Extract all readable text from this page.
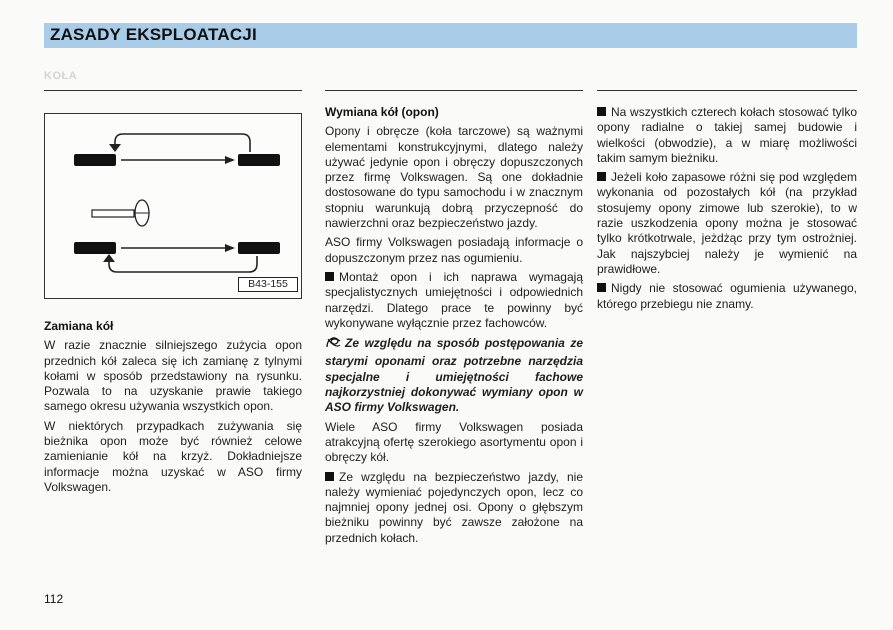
ZASADY EKSPLOATACJI
KOŁA
B43-155
Zamiana kół

W razie znacznie silniejszego zużycia opon przednich kół zaleca się ich zamianę z tylnymi kołami w sposób przedstawiony na rysunku. Pozwala to na uzyskanie prawie takiego samego okresu używania wszystkich opon.

W niektórych przypadkach zużywania się bieżnika opon może być również celowe zamienianie kół na krzyż. Dokładniejsze informacje można uzyskać w ASO firmy Volkswagen.

Wymiana kół (opon)

Opony i obręcze (koła tarczowe) są ważnymi elementami konstrukcyjnymi, dlatego należy używać jedynie opon i obręczy dopuszczonych przez firmę Volkswagen. Są one dokładnie dostosowane do typu samochodu i w znacznym stopniu warunkują dobrą przyczepność do nawierzchni oraz bezpieczeństwo jazdy.

ASO firmy Volkswagen posiadają informacje o dopuszczonym przez nas ogumieniu.

Montaż opon i ich naprawa wymagają specjalistycznych umiejętności i odpowiednich narzędzi. Dlatego prace te powinny być wykonywane wyłącznie przez fachowców.

Ze względu na sposób postępowania ze starymi oponami oraz potrzebne narzędzia specjalne i umiejętności fachowe najkorzystniej dokonywać wymiany opon w ASO firmy Volkswagen.

Wiele ASO firmy Volkswagen posiada atrakcyjną ofertę szerokiego asortymentu opon i obręczy kół.

Ze względu na bezpieczeństwo jazdy, nie należy wymieniać pojedynczych opon, lecz co najmniej opony jednej osi. Opony o głębszym bieżniku powinny być zawsze założone na przednich kołach.

Na wszystkich czterech kołach stosować tylko opony radialne o takiej samej budowie i wielkości (obwodzie), a w miarę możliwości takim samym bieżniku.

Jeżeli koło zapasowe różni się pod względem wykonania od pozostałych kół (na przykład stosujemy opony zimowe lub szerokie), to w razie uszkodzenia opony można je stosować tylko krótkotrwale, jeżdżąc przy tym ostrożniej. Jak najszybciej należy je wymienić na prawidłowe.

Nigdy nie stosować ogumienia używanego, którego przebiegu nie znamy.

112
